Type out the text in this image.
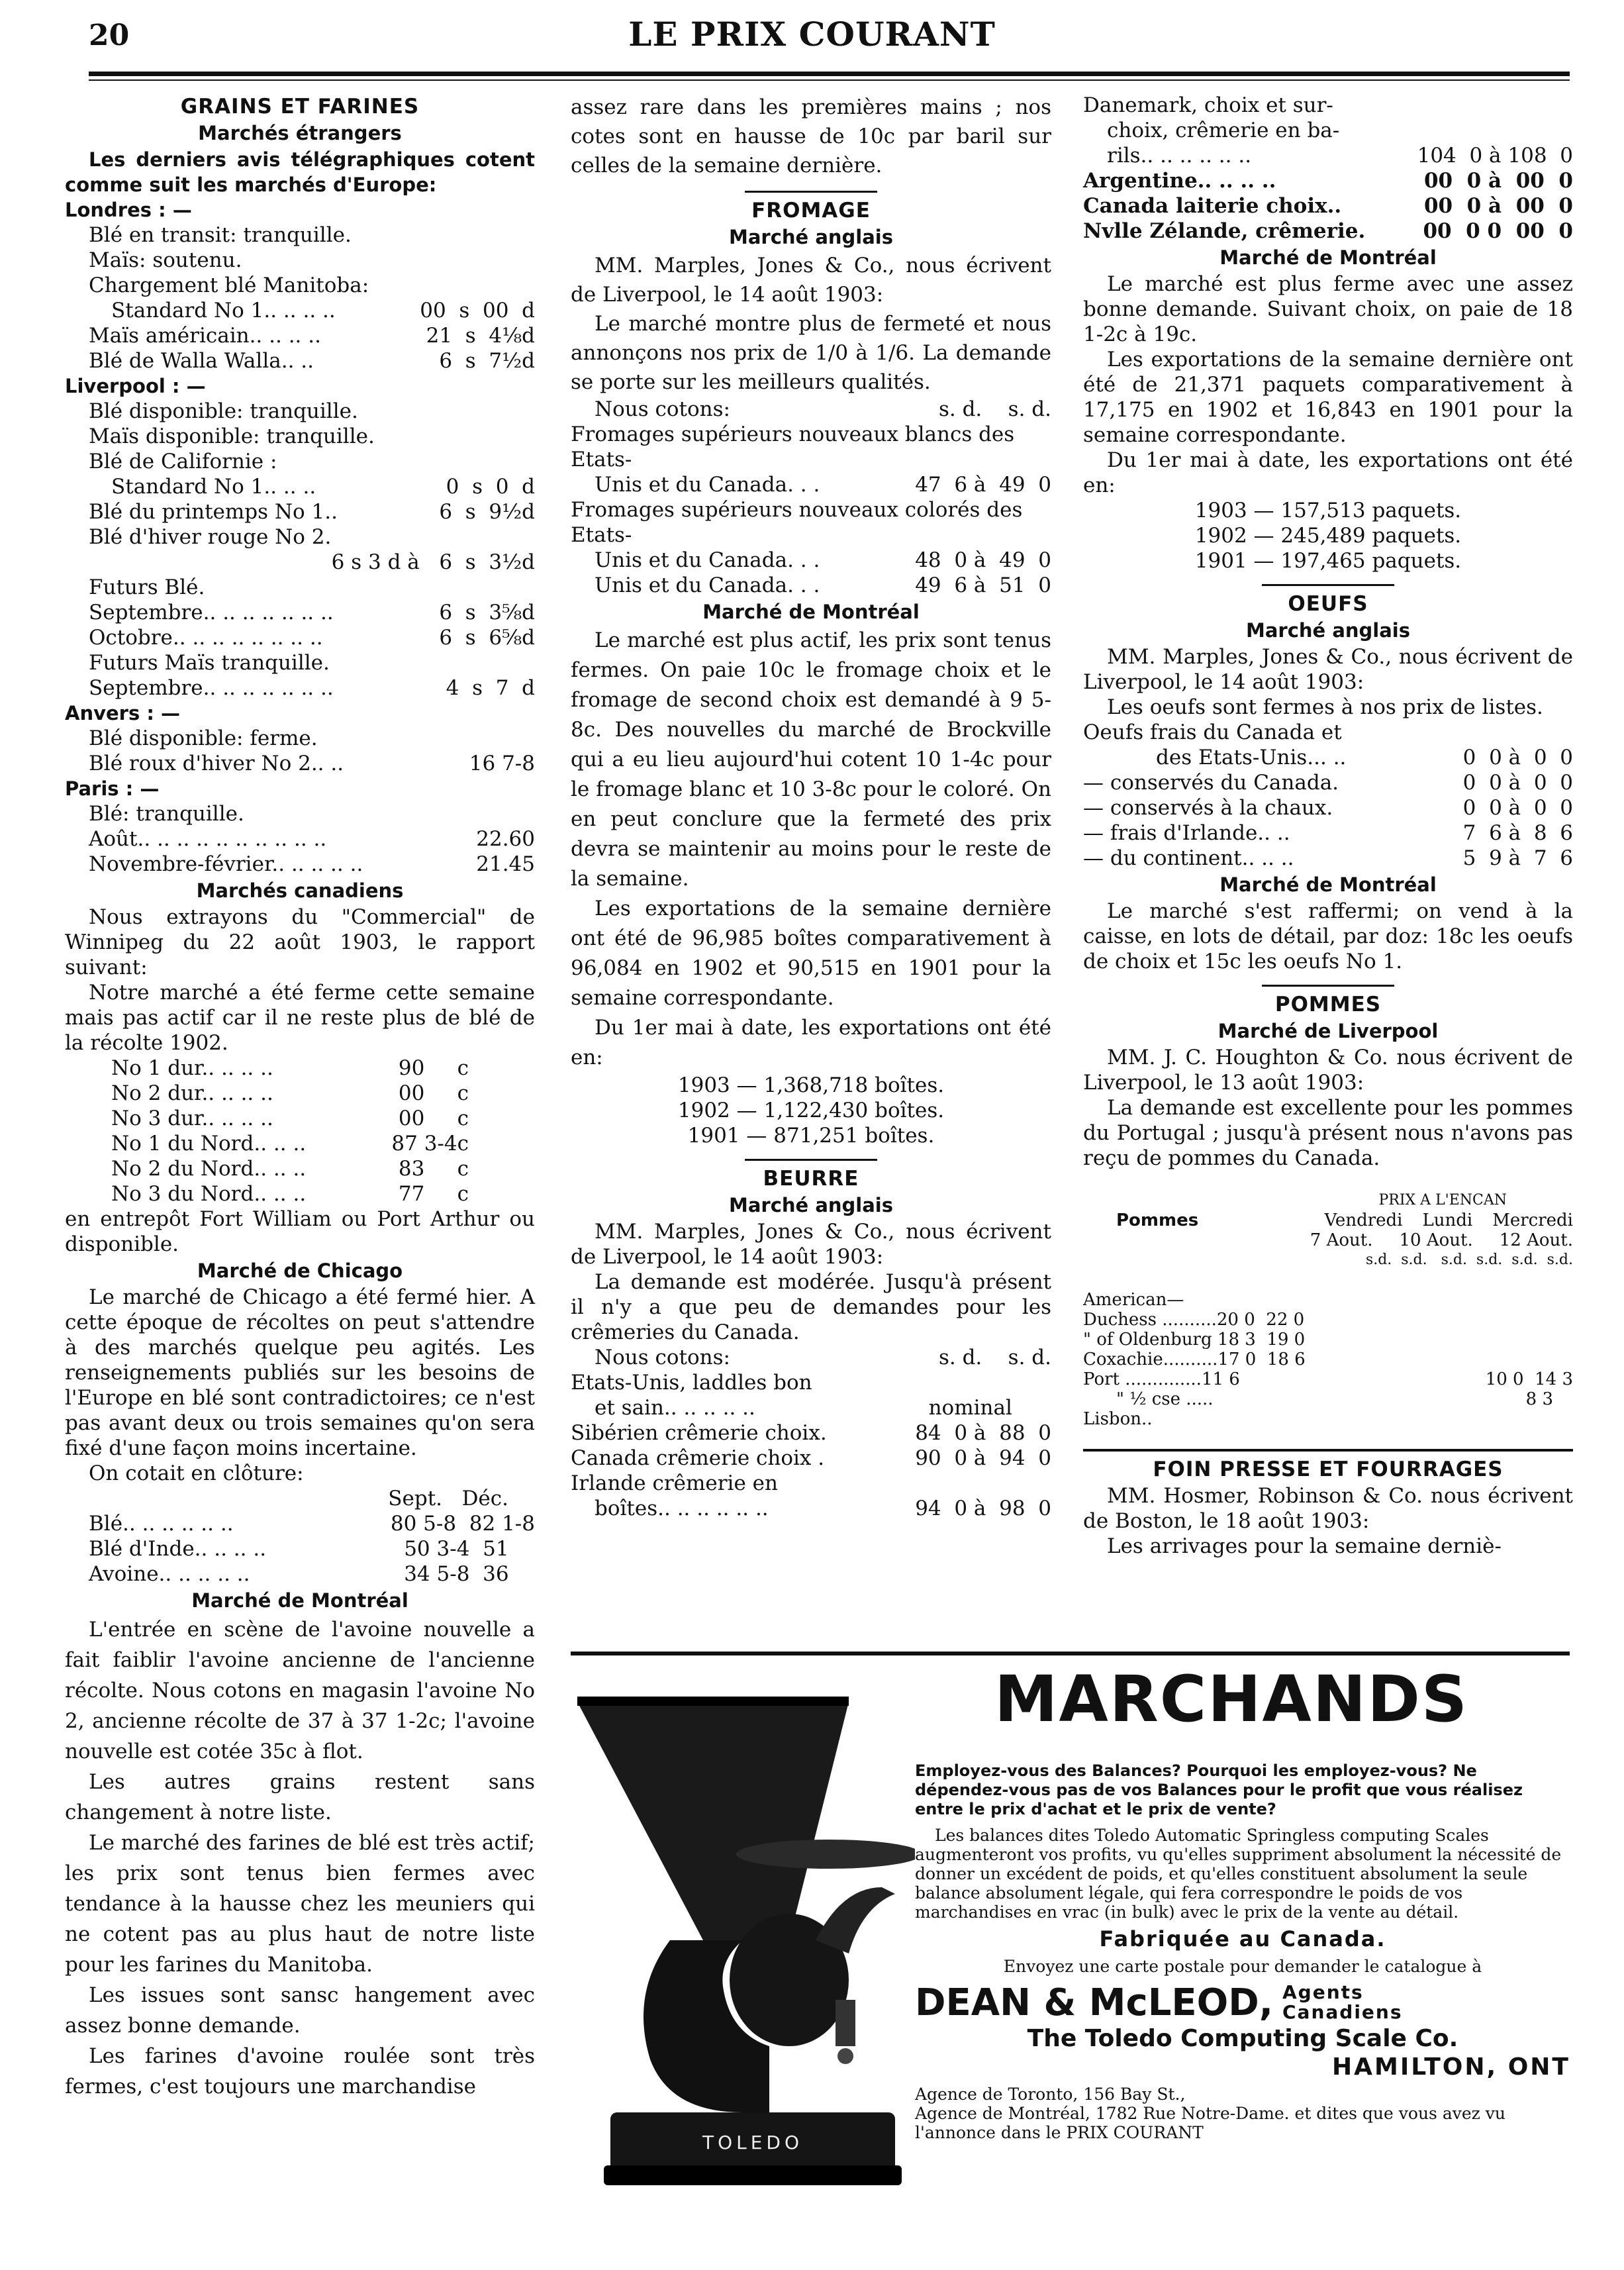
20	LE PRIX COURANT
GRAINS ET FARINES
Marchés étrangers

Les derniers avis télégraphiques cotent comme suit les marchés d'Europe:

Londres : —
Blé en transit: tranquille.
Maïs: soutenu.
Chargement blé Manitoba:
Standard No 1.. .. .. ..	00  s  00  d
Maïs américain.. .. .. ..	21  s  4⅛d
Blé de Walla Walla.. ..	6  s  7½d
Liverpool : —
Blé disponible: tranquille.
Maïs disponible: tranquille.
Blé de Californie :
Standard No 1.. .. ..	0  s  0  d
Blé du printemps No 1..	6  s  9½d
Blé d'hiver rouge No 2.
6 s 3 d à   6  s  3½d
Futurs Blé.
Septembre.. .. .. .. .. .. ..	6  s  3⅝d
Octobre.. .. .. .. .. .. .. ..	6  s  6⅝d
Futurs Maïs tranquille.
Septembre.. .. .. .. .. .. ..	4  s  7  d
Anvers : —
Blé disponible: ferme.
Blé roux d'hiver No 2.. ..	16 7-8
Paris : —
Blé: tranquille.
Août.. .. .. .. .. .. .. .. .. ..	22.60
Novembre-février.. .. .. .. ..	21.45
Marchés canadiens

Nous extrayons du "Commercial" de Winnipeg du 22 août 1903, le rapport suivant:

Notre marché a été ferme cette semaine mais pas actif car il ne reste plus de blé de la récolte 1902.

No 1 dur.. .. .. ..	90     c
No 2 dur.. .. .. ..	00     c
No 3 dur.. .. .. ..	00     c
No 1 du Nord.. .. ..	87 3-4c
No 2 du Nord.. .. ..	83     c
No 3 du Nord.. .. ..	77     c

en entrepôt Fort William ou Port Arthur ou disponible.

Marché de Chicago

Le marché de Chicago a été fermé hier. A cette époque de récoltes on peut s'attendre à des marchés quelque peu agités. Les renseignements publiés sur les besoins de l'Europe en blé sont contradictoires; ce n'est pas avant deux ou trois semaines qu'on sera fixé d'une façon moins incertaine.

On cotait en clôture:
Sept.   Déc.
Blé.. .. .. .. .. ..	80 5-8  82 1-8
Blé d'Inde.. .. .. ..	50 3-4  51
Avoine.. .. .. .. ..	34 5-8  36
Marché de Montréal

L'entrée en scène de l'avoine nouvelle a fait faiblir l'avoine ancienne de l'ancienne récolte. Nous cotons en magasin l'avoine No 2, ancienne récolte de 37 à 37 1-2c; l'avoine nouvelle est cotée 35c à flot.

Les autres grains restent sans changement à notre liste.

Le marché des farines de blé est très actif; les prix sont tenus bien fermes avec tendance à la hausse chez les meuniers qui ne cotent pas au plus haut de notre liste pour les farines du Manitoba.

Les issues sont sansc hangement avec assez bonne demande.

Les farines d'avoine roulée sont très fermes, c'est toujours une marchandise

assez rare dans les premières mains ; nos cotes sont en hausse de 10c par baril sur celles de la semaine dernière.

FROMAGE
Marché anglais

MM. Marples, Jones & Co., nous écrivent de Liverpool, le 14 août 1903:

Le marché montre plus de fermeté et nous annonçons nos prix de 1/0 à 1/6. La demande se porte sur les meilleurs qualités.

Nous cotons:	s. d.    s. d.
Fromages supérieurs nouveaux blancs des Etats-
Unis et du Canada. . .	47  6 à  49  0
Fromages supérieurs nouveaux colorés des Etats-
Unis et du Canada. . .	48  0 à  49  0
Unis et du Canada. . .	49  6 à  51  0
Marché de Montréal

Le marché est plus actif, les prix sont tenus fermes. On paie 10c le fromage choix et le fromage de second choix est demandé à 9 5-8c. Des nouvelles du marché de Brockville qui a eu lieu aujourd'hui cotent 10 1-4c pour le fromage blanc et 10 3-8c pour le coloré. On en peut conclure que la fermeté des prix devra se maintenir au moins pour le reste de la semaine.

Les exportations de la semaine dernière ont été de 96,985 boîtes comparativement à 96,084 en 1902 et 90,515 en 1901 pour la semaine correspondante.

Du 1er mai à date, les exportations ont été en:

1903 — 1,368,718 boîtes.
1902 — 1,122,430 boîtes.
1901 — 871,251 boîtes.
BEURRE
Marché anglais

MM. Marples, Jones & Co., nous écrivent de Liverpool, le 14 août 1903:

La demande est modérée. Jusqu'à présent il n'y a que peu de demandes pour les crêmeries du Canada.

Nous cotons:	s. d.    s. d.
Etats-Unis, laddles bon
et sain.. .. .. .. ..	nominal
Sibérien crêmerie choix.	84  0 à  88  0
Canada crêmerie choix .	90  0 à  94  0
Irlande crêmerie en
boîtes.. .. .. .. .. ..	94  0 à  98  0
Danemark, choix et sur-
choix, crêmerie en ba-
rils.. .. .. .. .. ..	104  0 à 108  0
Argentine.. .. .. ..	00  0 à  00  0
Canada laiterie choix..	00  0 à  00  0
Nvlle Zélande, crêmerie.	00  0 0  00  0
Marché de Montréal

Le marché est plus ferme avec une assez bonne demande. Suivant choix, on paie de 18 1-2c à 19c.

Les exportations de la semaine dernière ont été de 21,371 paquets comparativement à 17,175 en 1902 et 16,843 en 1901 pour la semaine correspondante.

Du 1er mai à date, les exportations ont été en:

1903 — 157,513 paquets.
1902 — 245,489 paquets.
1901 — 197,465 paquets.
OEUFS
Marché anglais

MM. Marples, Jones & Co., nous écrivent de Liverpool, le 14 août 1903:

Les oeufs sont fermes à nos prix de listes.

Oeufs frais du Canada et
des Etats-Unis... ..	0  0 à  0  0
— conservés du Canada.	0  0 à  0  0
— conservés à la chaux.	0  0 à  0  0
— frais d'Irlande.. ..	7  6 à  8  6
— du continent.. .. ..	5  9 à  7  6
Marché de Montréal

Le marché s'est raffermi; on vend à la caisse, en lots de détail, par doz: 18c les oeufs de choix et 15c les oeufs No 1.

POMMES
Marché de Liverpool

MM. J. C. Houghton & Co. nous écrivent de Liverpool, le 13 août 1903:

La demande est excellente pour les pommes du Portugal ; jusqu'à présent nous n'avons pas reçu de pommes du Canada.

PRIX A L'ENCAN
Pommes	Vendredi Lundi Mercredi
7 Aout. 10 Aout. 12 Aout.
s.d.  s.d.   s.d.  s.d.  s.d.  s.d.
American—
Duchess ..........20 0  22 0
" of Oldenburg 18 3  19 0
Coxachie..........17 0  18 6
Port ..............11 6	10 0  14 3
" ½ cse .....	8 3
Lisbon..
FOIN PRESSE ET FOURRAGES

MM. Hosmer, Robinson & Co. nous écrivent de Boston, le 18 août 1903:

Les arrivages pour la semaine derniè-

TOLEDO
MARCHANDS
Employez-vous des Balances? Pourquoi les employez-vous? Ne dépendez-vous pas de vos Balances pour le profit que vous réalisez entre le prix d'achat et le prix de vente?
Les balances dites Toledo Automatic Springless computing Scales augmenteront vos profits, vu qu'elles suppriment absolument la nécessité de donner un excédent de poids, et qu'elles constituent absolument la seule balance absolument légale, qui fera correspondre le poids de vos marchandises en vrac (in bulk) avec le prix de la vente au détail.
Fabriquée au Canada.
Envoyez une carte postale pour demander le catalogue à
DEAN & McLEOD, Agents Canadiens
The Toledo Computing Scale Co.
HAMILTON, ONT
Agence de Toronto, 156 Bay St.,
Agence de Montréal, 1782 Rue Notre-Dame. et dites que vous avez vu l'annonce dans le PRIX COURANT
